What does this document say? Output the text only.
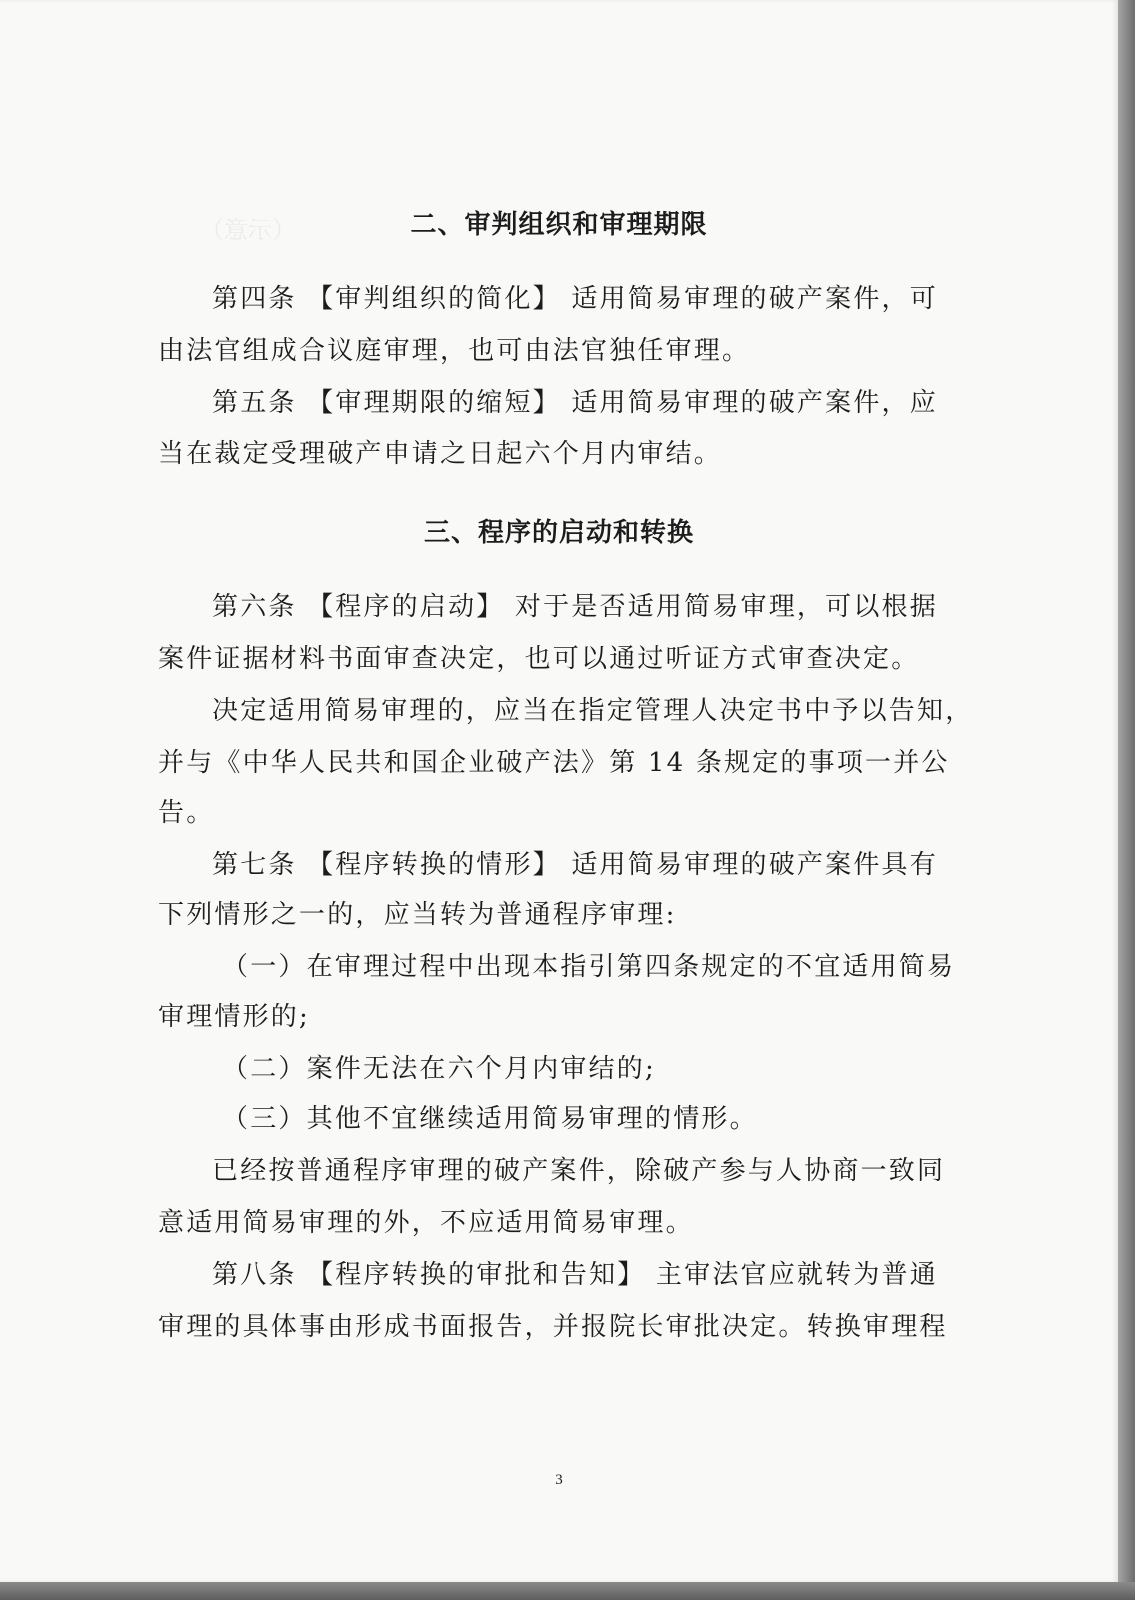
（示意）	二、审判组织和审理期限
第四条 【审判组织的简化】 适用简易审理的破产案件，可
由法官组成合议庭审理，也可由法官独任审理。
第五条 【审理期限的缩短】 适用简易审理的破产案件，应
当在裁定受理破产申请之日起六个月内审结。
三、程序的启动和转换
第六条 【程序的启动】 对于是否适用简易审理，可以根据
案件证据材料书面审查决定，也可以通过听证方式审查决定。
决定适用简易审理的，应当在指定管理人决定书中予以告知，
并与《中华人民共和国企业破产法》第 14 条规定的事项一并公
告。
第七条 【程序转换的情形】 适用简易审理的破产案件具有
下列情形之一的，应当转为普通程序审理:
（一）在审理过程中出现本指引第四条规定的不宜适用简易
审理情形的;
（二）案件无法在六个月内审结的;
（三）其他不宜继续适用简易审理的情形。
已经按普通程序审理的破产案件，除破产参与人协商一致同
意适用简易审理的外，不应适用简易审理。
第八条 【程序转换的审批和告知】 主审法官应就转为普通
审理的具体事由形成书面报告，并报院长审批决定。转换审理程
3
